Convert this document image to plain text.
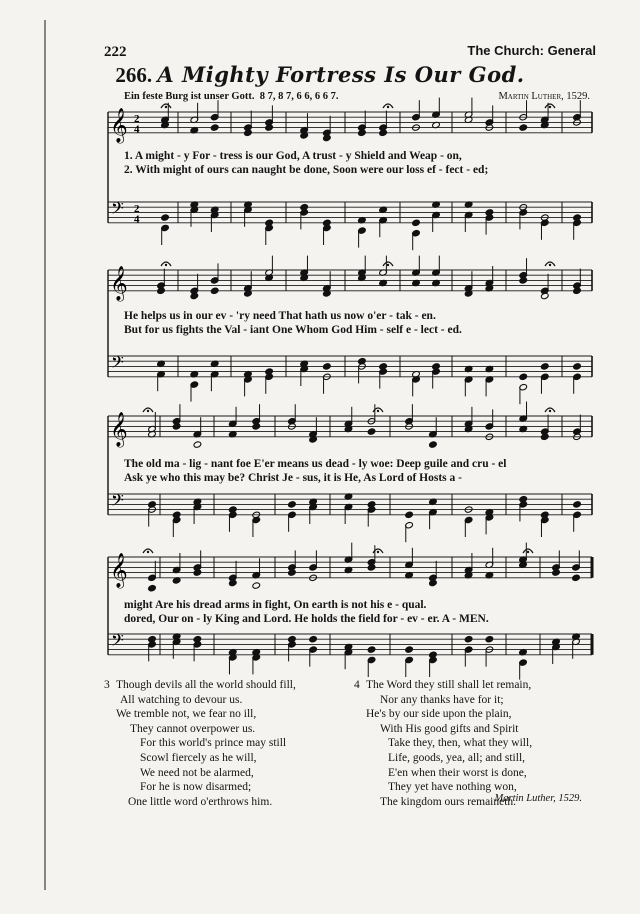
222	The Church: General
266. A Mighty Fortress Is Our God.
Ein feste Burg ist unser Gott. 8 7, 8 7, 6 6, 6 6 7.	Martin Luther, 1529.
𝄞
𝄢
2
4
2
4
𝄞
𝄢
𝄞
𝄢
𝄞
𝄢
1. A might - y For - tress is our God, A trust - y Shield and Weap - on,
2. With might of ours can naught be done, Soon were our loss ef - fect - ed;
He helps us in our ev - 'ry need That hath us now o'er - tak - en.
But for us fights the Val - iant One Whom God Him - self e - lect - ed.
The old ma - lig - nant foe E'er means us dead - ly woe: Deep guile and cru - el
Ask ye who this may be? Christ Je - sus, it is He, As Lord of Hosts a -
might Are his dread arms in fight, On earth is not his e - qual.
dored, Our on - ly King and Lord. He holds the field for - ev - er. A - MEN.

3 Though devils all the world should fill,

All watching to devour us.

We tremble not, we fear no ill,

They cannot overpower us.

For this world's prince may still

Scowl fiercely as he will,

We need not be alarmed,

For he is now disarmed;

One little word o'erthrows him.

4 The Word they still shall let remain,

Nor any thanks have for it;

He's by our side upon the plain,

With His good gifts and Spirit

Take they, then, what they will,

Life, goods, yea, all; and still,

E'en when their worst is done,

They yet have nothing won,

The kingdom ours remaineth.

Martin Luther, 1529.
